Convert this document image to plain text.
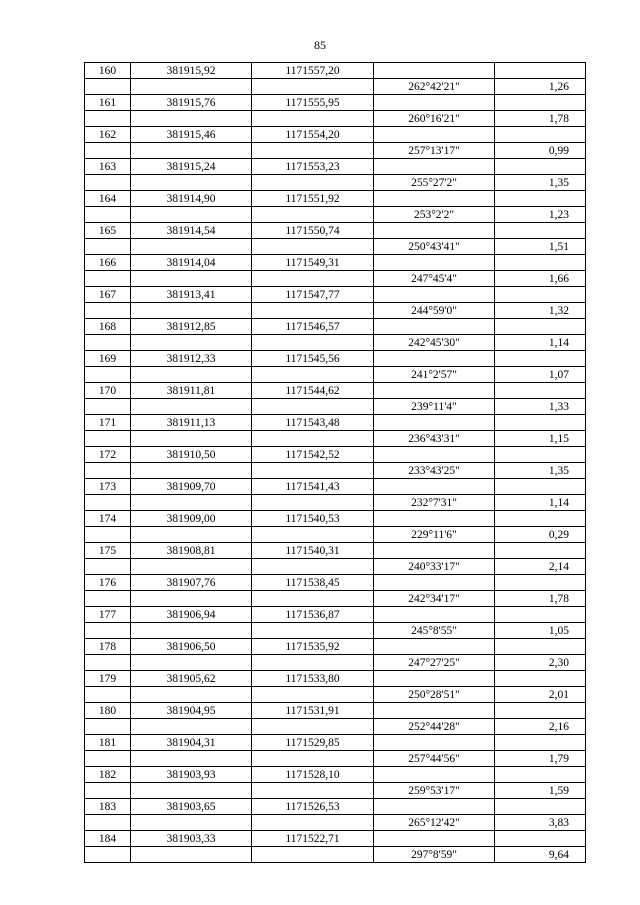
85
160	381915,92	1171557,20		
			262°42'21"	1,26
161	381915,76	1171555,95		
			260°16'21"	1,78
162	381915,46	1171554,20		
			257°13'17"	0,99
163	381915,24	1171553,23		
			255°27'2"	1,35
164	381914,90	1171551,92		
			253°2'2"	1,23
165	381914,54	1171550,74		
			250°43'41"	1,51
166	381914,04	1171549,31		
			247°45'4"	1,66
167	381913,41	1171547,77		
			244°59'0"	1,32
168	381912,85	1171546,57		
			242°45'30"	1,14
169	381912,33	1171545,56		
			241°2'57"	1,07
170	381911,81	1171544,62		
			239°11'4"	1,33
171	381911,13	1171543,48		
			236°43'31"	1,15
172	381910,50	1171542,52		
			233°43'25"	1,35
173	381909,70	1171541,43		
			232°7'31"	1,14
174	381909,00	1171540,53		
			229°11'6"	0,29
175	381908,81	1171540,31		
			240°33'17"	2,14
176	381907,76	1171538,45		
			242°34'17"	1,78
177	381906,94	1171536,87		
			245°8'55"	1,05
178	381906,50	1171535,92		
			247°27'25"	2,30
179	381905,62	1171533,80		
			250°28'51"	2,01
180	381904,95	1171531,91		
			252°44'28"	2,16
181	381904,31	1171529,85		
			257°44'56"	1,79
182	381903,93	1171528,10		
			259°53'17"	1,59
183	381903,65	1171526,53		
			265°12'42"	3,83
184	381903,33	1171522,71		
			297°8'59"	9,64
